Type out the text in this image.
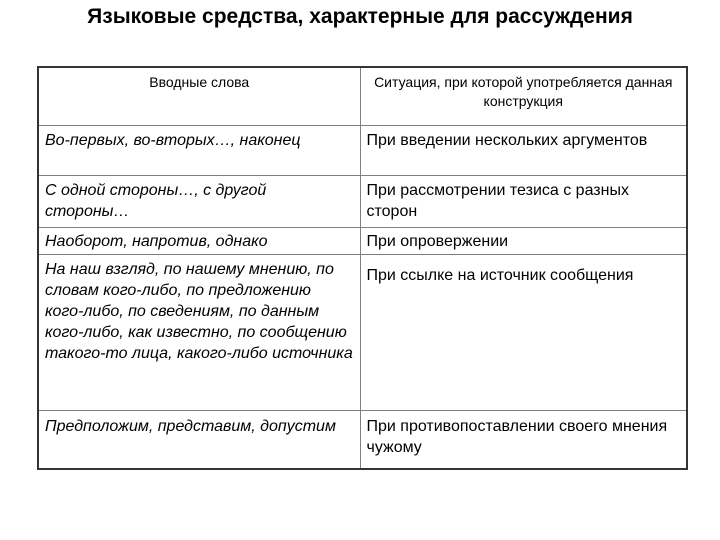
Языковые средства, характерные для рассуждения
Вводные слова	Ситуация, при которой употребляется данная конструкция
Во-первых, во-вторых…, наконец	При введении нескольких аргументов
С одной стороны…, с другой стороны…	При рассмотрении тезиса с разных сторон
Наоборот, напротив, однако	При опровержении
На наш взгляд, по нашему мнению, по словам кого-либо, по предложению кого-либо, по сведениям, по данным кого-либо, как известно, по сообщению такого-то лица, какого-либо источника	При ссылке на источник сообщения
Предположим, представим, допустим	При противопоставлении своего мнения чужому
